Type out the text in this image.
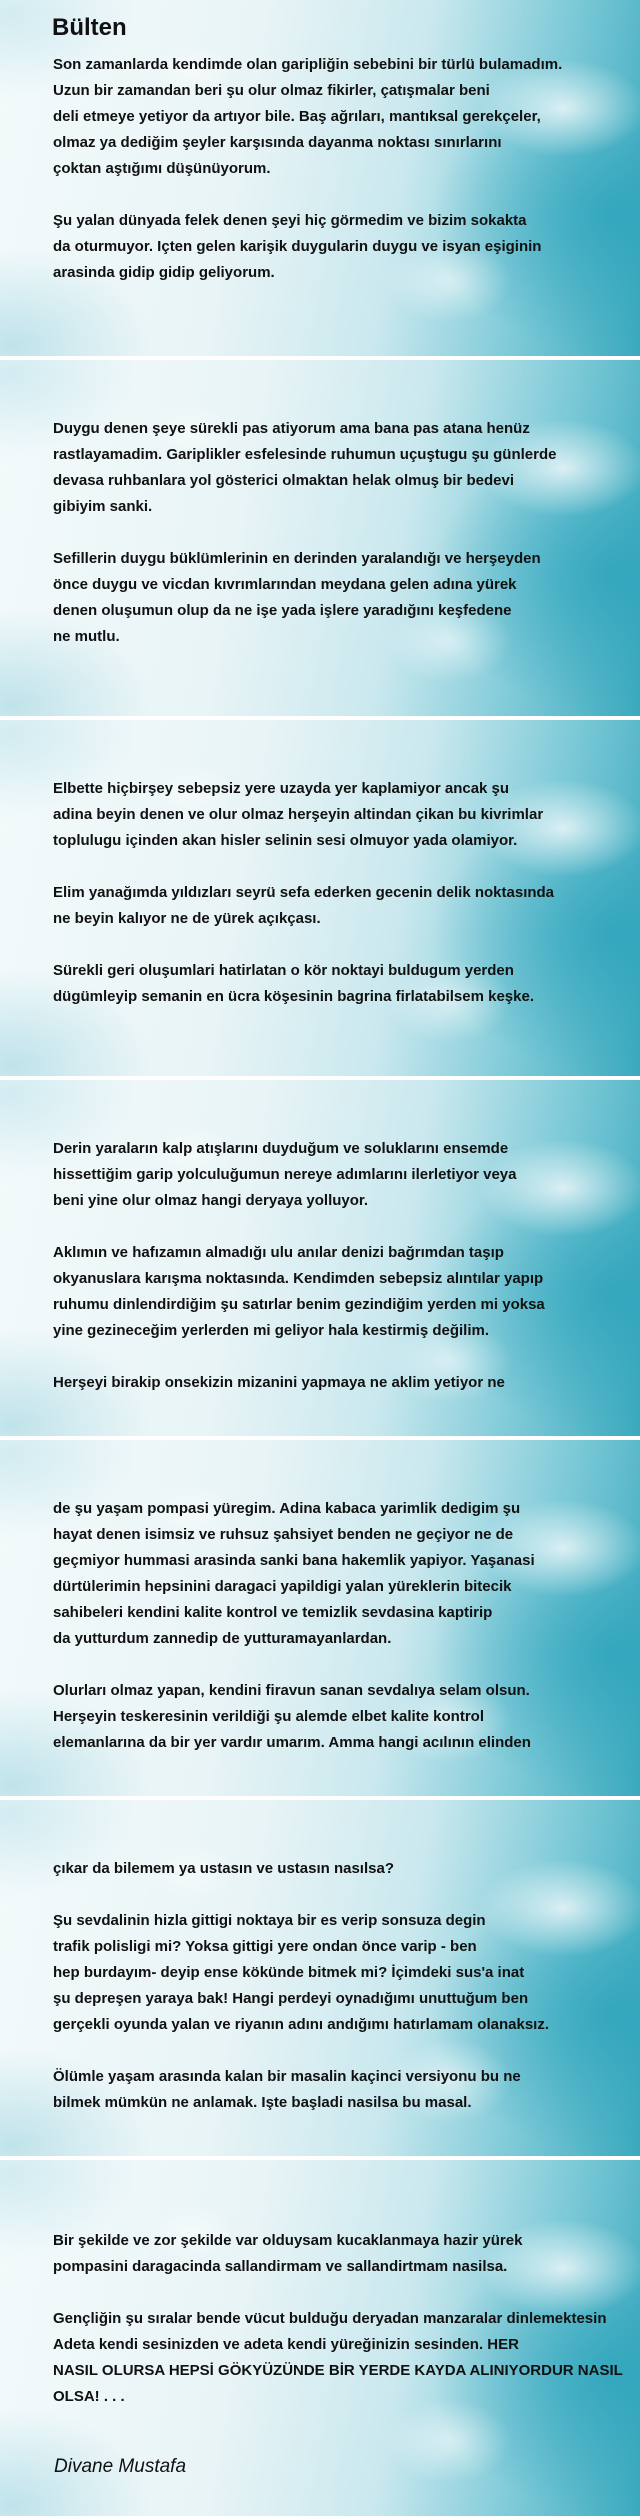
Bülten

Son zamanlarda kendimde olan garipliğin sebebini bir türlü bulamadım.
Uzun bir zamandan beri şu olur olmaz fikirler, çatışmalar beni
deli etmeye yetiyor da artıyor bile. Baş ağrıları, mantıksal gerekçeler,
olmaz ya dediğim şeyler karşısında dayanma noktası sınırlarını
çoktan aştığımı düşünüyorum.

Şu yalan dünyada felek denen şeyi hiç görmedim ve bizim sokakta
da oturmuyor. Içten gelen karişik duygularin duygu ve isyan eşiginin
arasinda gidip gidip geliyorum.

Duygu denen şeye sürekli pas atiyorum ama bana pas atana henüz
rastlayamadim. Gariplikler esfelesinde ruhumun uçuştugu şu günlerde
devasa ruhbanlara yol gösterici olmaktan helak olmuş bir bedevi
gibiyim sanki.

Sefillerin duygu büklümlerinin en derinden yaralandığı ve herşeyden
önce duygu ve vicdan kıvrımlarından meydana gelen adına yürek
denen oluşumun olup da ne işe yada işlere yaradığını keşfedene
ne mutlu.

Elbette hiçbirşey sebepsiz yere uzayda yer kaplamiyor ancak şu
adina beyin denen ve olur olmaz herşeyin altindan çikan bu kivrimlar
toplulugu içinden akan hisler selinin sesi olmuyor yada olamiyor.

Elim yanağımda yıldızları seyrü sefa ederken gecenin delik noktasında
ne beyin kalıyor ne de yürek açıkçası.

Sürekli geri oluşumlari hatirlatan o kör noktayi buldugum yerden
dügümleyip semanin en ücra köşesinin bagrina firlatabilsem keşke.

Derin yaraların kalp atışlarını duyduğum ve soluklarını ensemde
hissettiğim garip yolculuğumun nereye adımlarını ilerletiyor veya
beni yine olur olmaz hangi deryaya yolluyor.

Aklımın ve hafızamın almadığı ulu anılar denizi bağrımdan taşıp
okyanuslara karışma noktasında. Kendimden sebepsiz alıntılar yapıp
ruhumu dinlendirdiğim şu satırlar benim gezindiğim yerden mi yoksa
yine gezineceğim yerlerden mi geliyor hala kestirmiş değilim.

Herşeyi birakip onsekizin mizanini yapmaya ne aklim yetiyor ne

de şu yaşam pompasi yüregim. Adina kabaca yarimlik dedigim şu
hayat denen isimsiz ve ruhsuz şahsiyet benden ne geçiyor ne de
geçmiyor hummasi arasinda sanki bana hakemlik yapiyor. Yaşanasi
dürtülerimin hepsinini daragaci yapildigi yalan yüreklerin bitecik
sahibeleri kendini kalite kontrol ve temizlik sevdasina kaptirip
da yutturdum zannedip de yutturamayanlardan.

Olurları olmaz yapan, kendini firavun sanan sevdalıya selam olsun.
Herşeyin teskeresinin verildiği şu alemde elbet kalite kontrol
elemanlarına da bir yer vardır umarım. Amma hangi acılının elinden

çıkar da bilemem ya ustasın ve ustasın nasılsa?

Şu sevdalinin hizla gittigi noktaya bir es verip sonsuza degin
trafik polisligi mi? Yoksa gittigi yere ondan önce varip - ben
hep burdayım- deyip ense kökünde bitmek mi? İçimdeki sus'a inat
şu depreşen yaraya bak! Hangi perdeyi oynadığımı unuttuğum ben
gerçekli oyunda yalan ve riyanın adını andığımı hatırlamam olanaksız.

Ölümle yaşam arasında kalan bir masalin kaçinci versiyonu bu ne
bilmek mümkün ne anlamak. Işte başladi nasilsa bu masal.

Bir şekilde ve zor şekilde var olduysam kucaklanmaya hazir yürek
pompasini daragacinda sallandirmam ve sallandirtmam nasilsa.

Gençliğin şu sıralar bende vücut bulduğu deryadan manzaralar dinlemektesin
Adeta kendi sesinizden ve adeta kendi yüreğinizin sesinden. HER
NASIL OLURSA HEPSİ GÖKYÜZÜNDE BİR YERDE KAYDA ALINIYORDUR NASIL
OLSA! . . .

Divane Mustafa
